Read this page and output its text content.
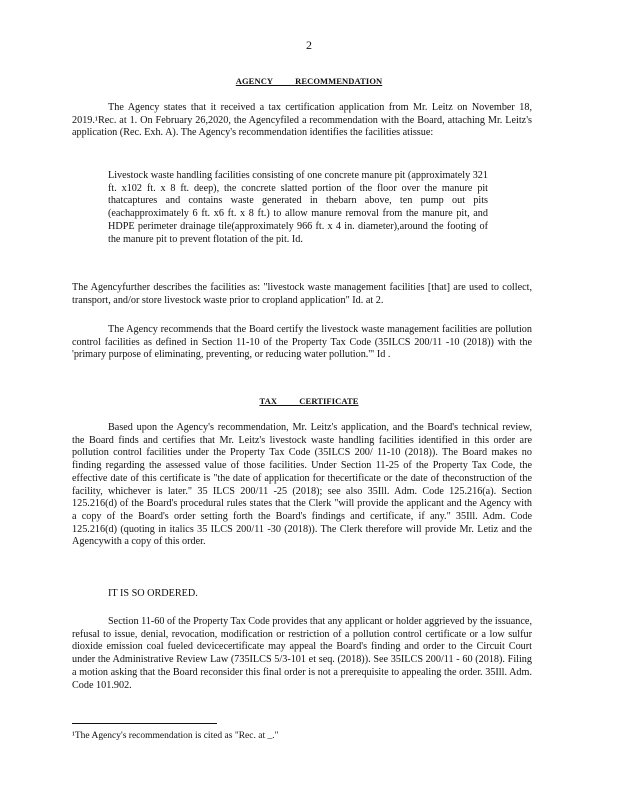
2
AGENCY RECOMMENDATION
The Agency states that it received a tax certification application from Mr. Leitz on November 18, 2019.¹Rec. at 1. On February 26,2020, the Agencyfiled a recommendation with the Board, attaching Mr. Leitz's application (Rec. Exh. A). The Agency's recommendation identifies the facilities atissue:
Livestock waste handling facilities consisting of one concrete manure pit (approximately 321 ft. x102 ft. x 8 ft. deep), the concrete slatted portion of the floor over the manure pit thatcaptures and contains waste generated in thebarn above, ten pump out pits (eachapproximately 6 ft. x6 ft. x 8 ft.) to allow manure removal from the manure pit, and HDPE perimeter drainage tile(approximately 966 ft. x 4 in. diameter),around the footing of the manure pit to prevent flotation of the pit. Id.
The Agencyfurther describes the facilities as: "livestock waste management facilities [that] are used to collect, transport, and/or store livestock waste prior to cropland application" Id. at 2.
The Agency recommends that the Board certify the livestock waste management facilities are pollution control facilities as defined in Section 11-10 of the Property Tax Code (35ILCS 200/11 -10 (2018)) with the 'primary purpose of eliminating, preventing, or reducing water pollution.'" Id .
TAX CERTIFICATE
Based upon the Agency's recommendation, Mr. Leitz's application, and the Board's technical review, the Board finds and certifies that Mr. Leitz's livestock waste handling facilities identified in this order are pollution control facilities under the Property Tax Code (35ILCS 200/ 11-10 (2018)). The Board makes no finding regarding the assessed value of those facilities. Under Section 11-25 of the Property Tax Code, the effective date of this certificate is "the date of application for thecertificate or the date of theconstruction of the facility, whichever is later." 35 ILCS 200/11 -25 (2018); see also 35Ill. Adm. Code 125.216(a). Section 125.216(d) of the Board's procedural rules states that the Clerk "will provide the applicant and the Agency with a copy of the Board's order setting forth the Board's findings and certificate, if any." 35Ill. Adm. Code 125.216(d) (quoting in italics 35 ILCS 200/11 -30 (2018)). The Clerk therefore will provide Mr. Letiz and the Agencywith a copy of this order.
IT IS SO ORDERED.
Section 11-60 of the Property Tax Code provides that any applicant or holder aggrieved by the issuance, refusal to issue, denial, revocation, modification or restriction of a pollution control certificate or a low sulfur dioxide emission coal fueled devicecertificate may appeal the Board's finding and order to the Circuit Court under the Administrative Review Law (735ILCS 5/3-101 et seq. (2018)). See 35ILCS 200/11 - 60 (2018). Filing a motion asking that the Board reconsider this final order is not a prerequisite to appealing the order. 35Ill. Adm. Code 101.902.
¹The Agency's recommendation is cited as "Rec. at _."
